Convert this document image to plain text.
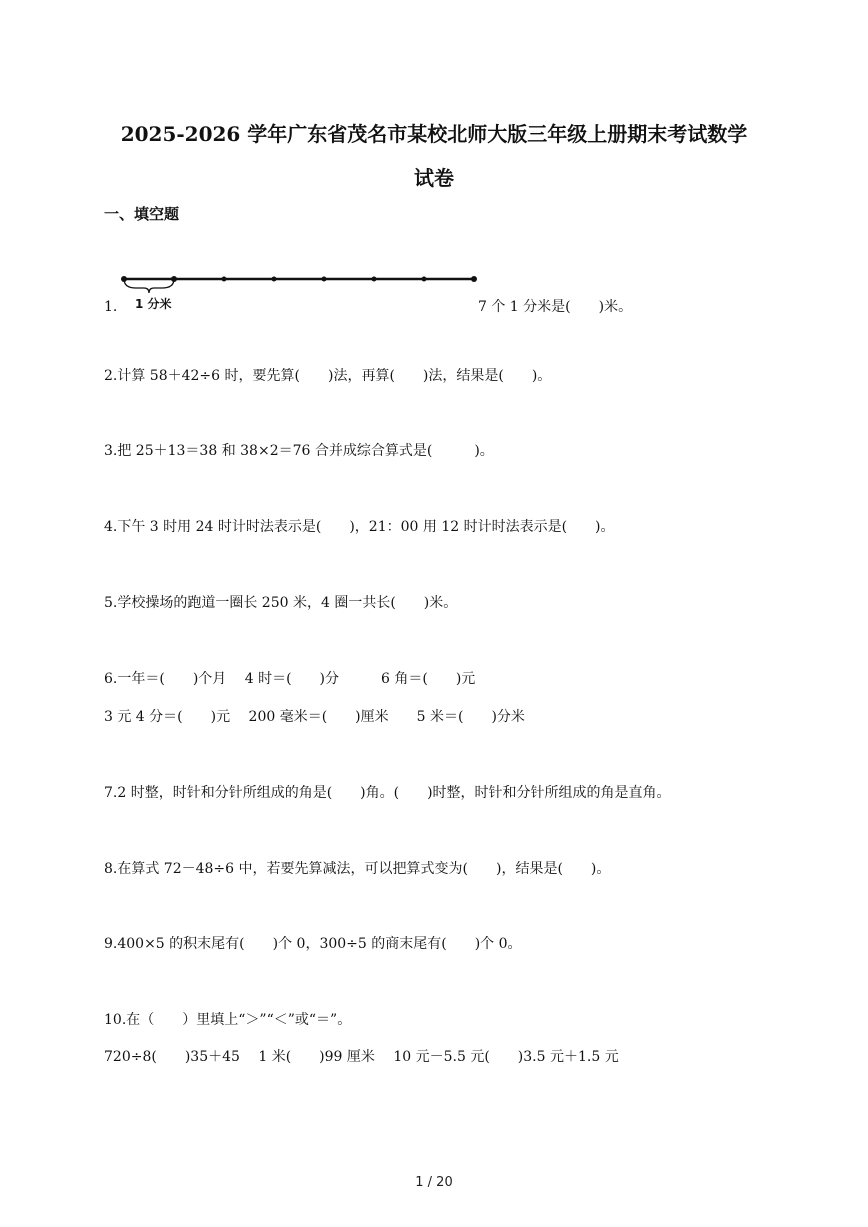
2025-2026 学年广东省茂名市某校北师大版三年级上册期末考试数学
试卷
一、填空题
1. 1 分米	7 个 1 分米是(　　)米。
2.计算 58＋42÷6 时，要先算(　　)法，再算(　　)法，结果是(　　)。
3.把 25＋13＝38 和 38×2＝76 合并成综合算式是(　　　)。
4.下午 3 时用 24 时计时法表示是(　　)，21：00 用 12 时计时法表示是(　　)。
5.学校操场的跑道一圈长 250 米，4 圈一共长(　　)米。
6.一年＝(　　)个月　 4 时＝(　　)分　　　6 角＝(　　)元
3 元 4 分＝(　　)元　 200 毫米＝(　　)厘米　　5 米＝(　　)分米
7.2 时整，时针和分针所组成的角是(　　)角。(　　)时整，时针和分针所组成的角是直角。
8.在算式 72－48÷6 中，若要先算减法，可以把算式变为(　　)，结果是(　　)。
9.400×5 的积末尾有(　　)个 0，300÷5 的商末尾有(　　)个 0。
10.在（　　）里填上“＞”“＜”或“＝”。
720÷8(　　)35＋45　 1 米(　　)99 厘米　 10 元－5.5 元(　　)3.5 元＋1.5 元
1 / 20
